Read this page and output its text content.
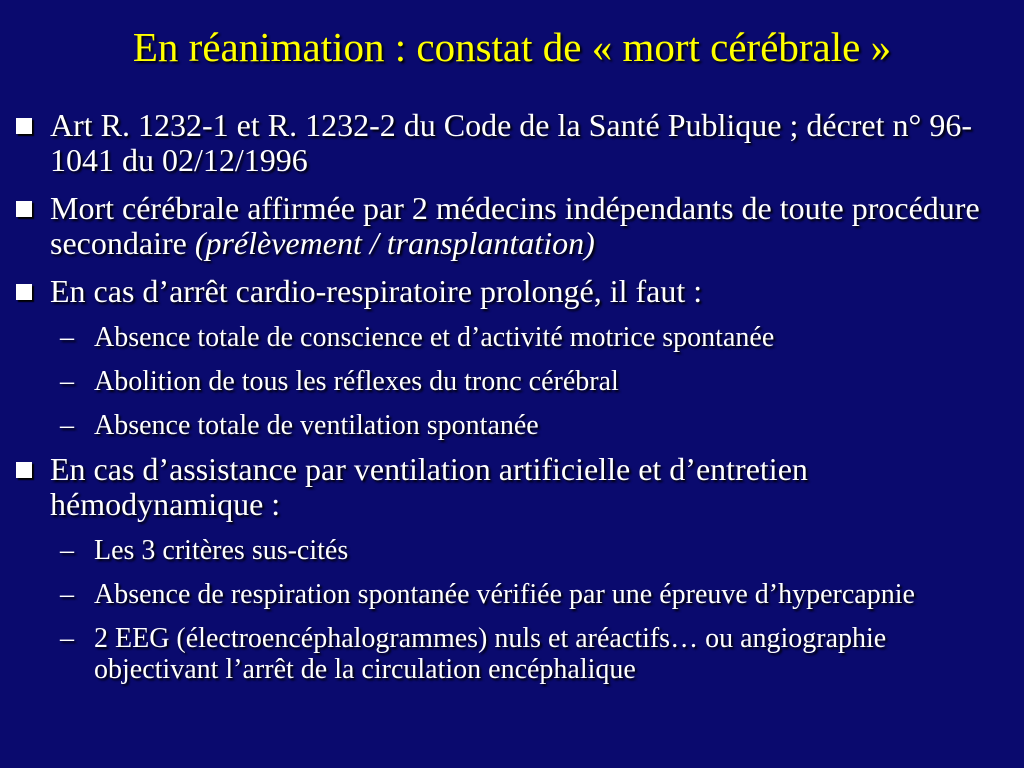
En réanimation : constat de « mort cérébrale »
Art R. 1232-1 et R. 1232-2 du Code de la Santé Publique ; décret n° 96-1041 du 02/12/1996
Mort cérébrale affirmée par 2 médecins indépendants de toute procédure secondaire (prélèvement / transplantation)
En cas d’arrêt cardio-respiratoire prolongé, il faut :
– Absence totale de conscience et d’activité motrice spontanée
– Abolition de tous les réflexes du tronc cérébral
– Absence totale de ventilation spontanée
En cas d’assistance par ventilation artificielle et d’entretien hémodynamique :
– Les 3 critères sus-cités
– Absence de respiration spontanée vérifiée par une épreuve d’hypercapnie
– 2 EEG (électroencéphalogrammes) nuls et aréactifs… ou angiographie objectivant l’arrêt de la circulation encéphalique
